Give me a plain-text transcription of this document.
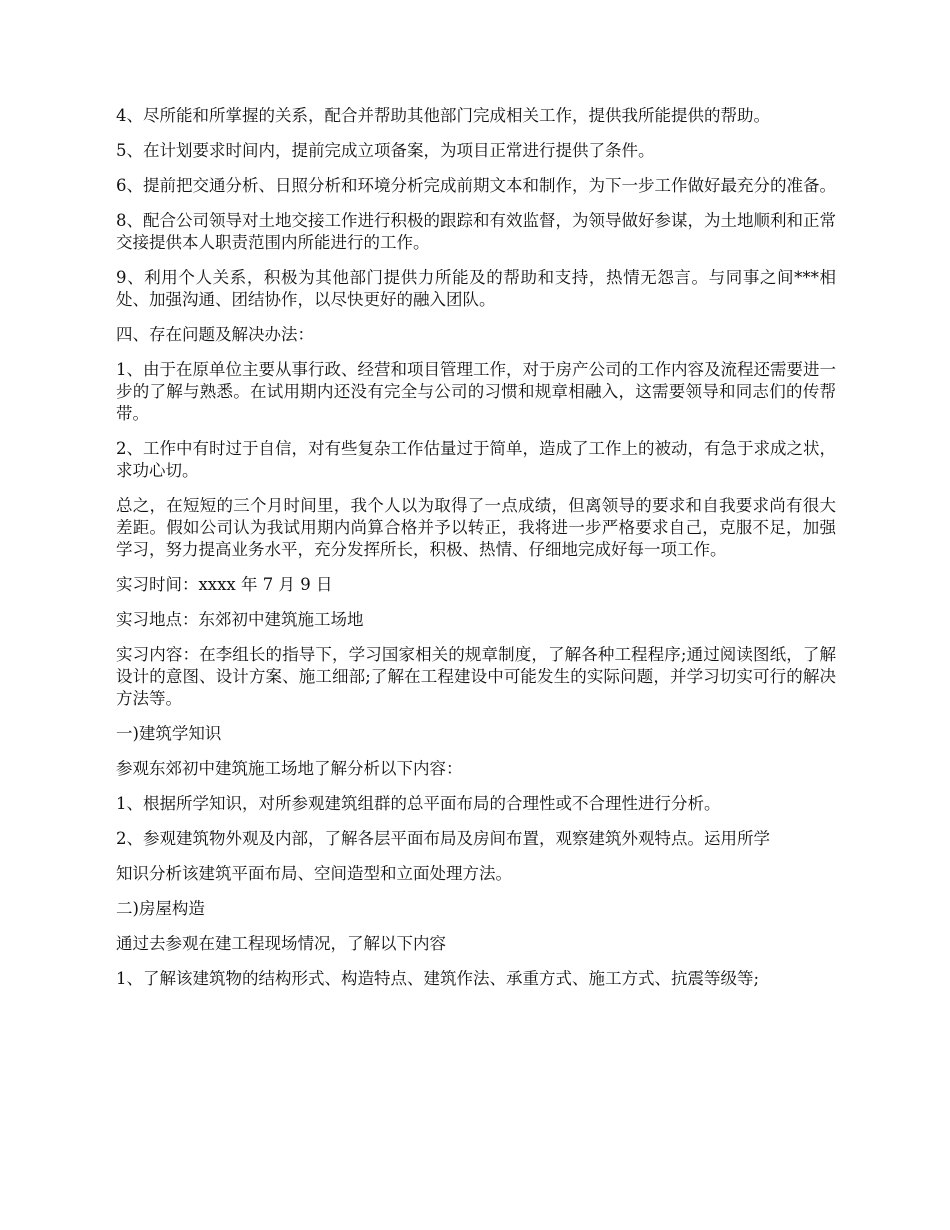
4、尽所能和所掌握的关系，配合并帮助其他部门完成相关工作，提供我所能提供的帮助。

5、在计划要求时间内，提前完成立项备案，为项目正常进行提供了条件。

6、提前把交通分析、日照分析和环境分析完成前期文本和制作，为下一步工作做好最充分的准备。

8、配合公司领导对土地交接工作进行积极的跟踪和有效监督，为领导做好参谋，为土地顺利和正常交接提供本人职责范围内所能进行的工作。

9、利用个人关系，积极为其他部门提供力所能及的帮助和支持，热情无怨言。与同事之间***相处、加强沟通、团结协作，以尽快更好的融入团队。

四、存在问题及解决办法：

1、由于在原单位主要从事行政、经营和项目管理工作，对于房产公司的工作内容及流程还需要进一步的了解与熟悉。在试用期内还没有完全与公司的习惯和规章相融入，这需要领导和同志们的传帮带。

2、工作中有时过于自信，对有些复杂工作估量过于简单，造成了工作上的被动，有急于求成之状，求功心切。

总之，在短短的三个月时间里，我个人以为取得了一点成绩，但离领导的要求和自我要求尚有很大差距。假如公司认为我试用期内尚算合格并予以转正，我将进一步严格要求自己，克服不足，加强学习，努力提高业务水平，充分发挥所长，积极、热情、仔细地完成好每一项工作。

实习时间：xxxx 年 7 月 9 日

实习地点：东郊初中建筑施工场地

实习内容：在李组长的指导下，学习国家相关的规章制度，了解各种工程程序;通过阅读图纸，了解设计的意图、设计方案、施工细部;了解在工程建设中可能发生的实际问题，并学习切实可行的解决方法等。

一)建筑学知识

参观东郊初中建筑施工场地了解分析以下内容：

1、根据所学知识，对所参观建筑组群的总平面布局的合理性或不合理性进行分析。

2、参观建筑物外观及内部，了解各层平面布局及房间布置，观察建筑外观特点。运用所学

知识分析该建筑平面布局、空间造型和立面处理方法。

二)房屋构造

通过去参观在建工程现场情况，了解以下内容

1、了解该建筑物的结构形式、构造特点、建筑作法、承重方式、施工方式、抗震等级等;
